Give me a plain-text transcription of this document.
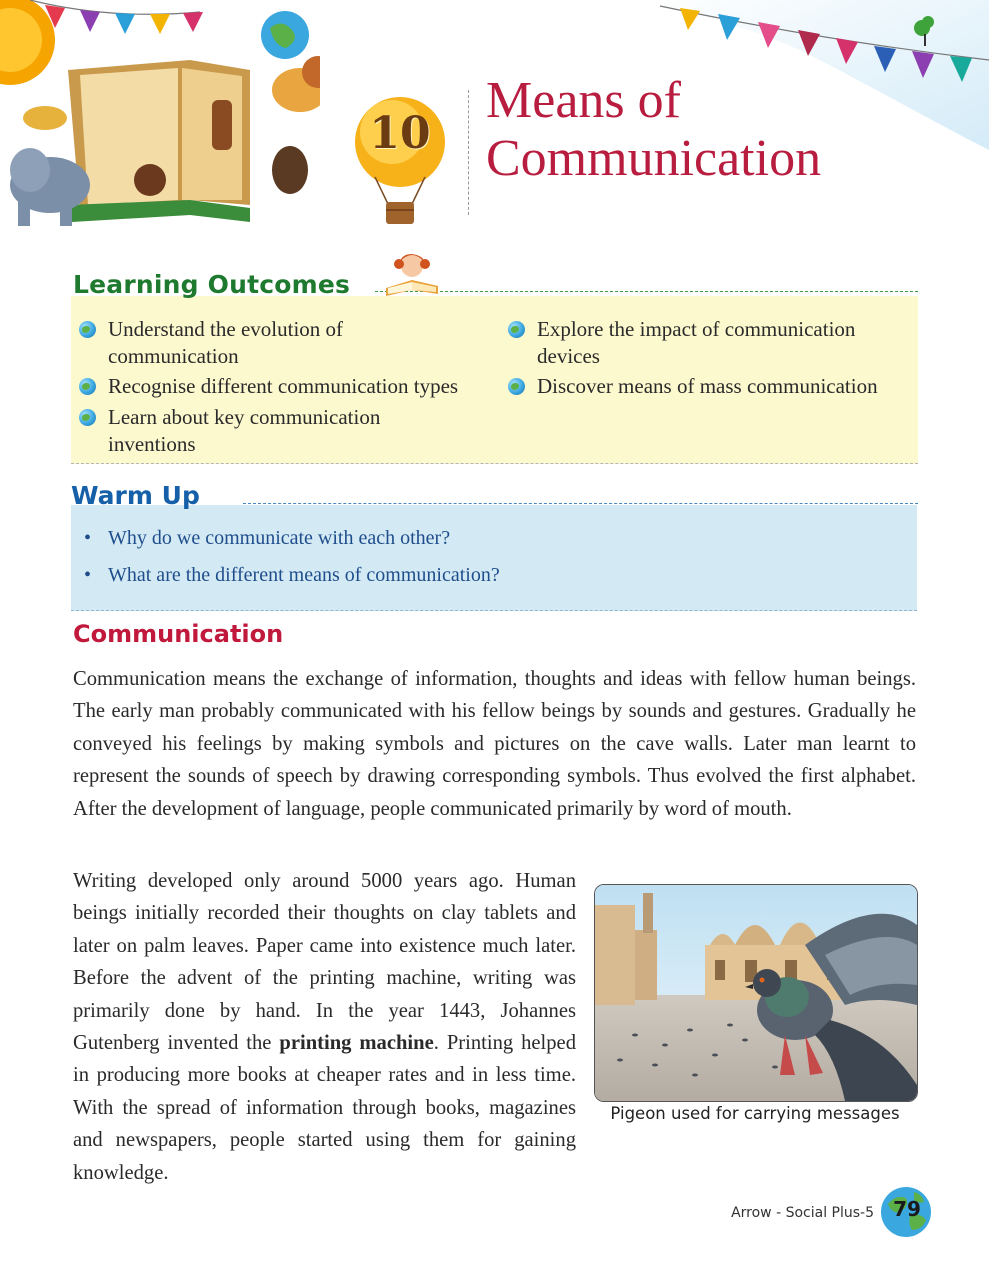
10
Means of
Communication
Understand the evolution of communication
Recognise different communication types
Learn about key communication inventions
Explore the impact of communication devices
Discover means of mass communication
Learning Outcomes
• Why do we communicate with each other?
• What are the different means of communication?
Warm Up
Communication
Communication means the exchange of information, thoughts and ideas with fellow human beings. The early man probably communicated with his fellow beings by sounds and gestures. Gradually he conveyed his feelings by making symbols and pictures on the cave walls. Later man learnt to represent the sounds of speech by drawing corresponding symbols. Thus evolved the first alphabet. After the development of language, people communicated primarily by word of mouth.
Writing developed only around 5000 years ago. Human beings initially recorded their thoughts on clay tablets and later on palm leaves. Paper came into existence much later. Before the advent of the printing machine, writing was primarily done by hand. In the year 1443, Johannes Gutenberg invented the printing machine. Printing helped in producing more books at cheaper rates and in less time. With the spread of information through books, magazines and newspapers, people started using them for gaining knowledge.
Pigeon used for carrying messages
Arrow - Social Plus-5 79
